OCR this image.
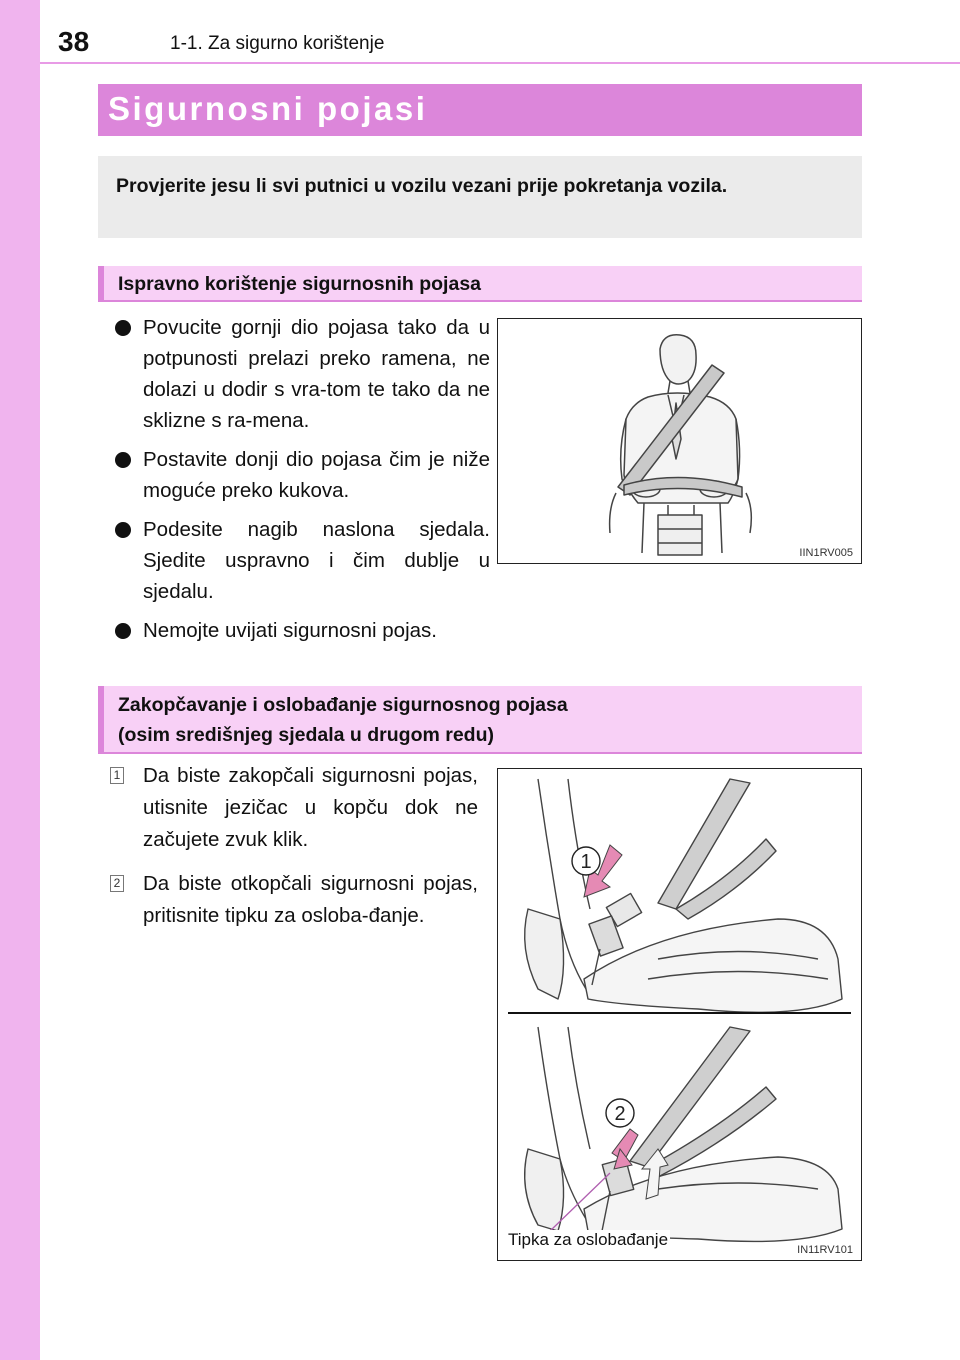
38	1-1. Za sigurno korištenje
Sigurnosni pojasi
Provjerite jesu li svi putnici u vozilu vezani prije pokretanja vozila.
Ispravno korištenje sigurnosnih pojasa
Povucite gornji dio pojasa tako da u potpunosti prelazi preko ramena, ne dolazi u dodir s vra-tom te tako da ne sklizne s ra-mena.
Postavite donji dio pojasa čim je niže moguće preko kukova.
Podesite nagib naslona sjedala. Sjedite uspravno i čim dublje u sjedalu.
Nemojte uvijati sigurnosni pojas.
IIN1RV005
Zakopčavanje i oslobađanje sigurnosnog pojasa
(osim središnjeg sjedala u drugom redu)
1 Da biste zakopčali sigurnosni pojas, utisnite jezičac u kopču dok ne začujete zvuk klik.
2 Da biste otkopčali sigurnosni pojas, pritisnite tipku za osloba-đanje.
1
2
Tipka za oslobađanje
IN11RV101
